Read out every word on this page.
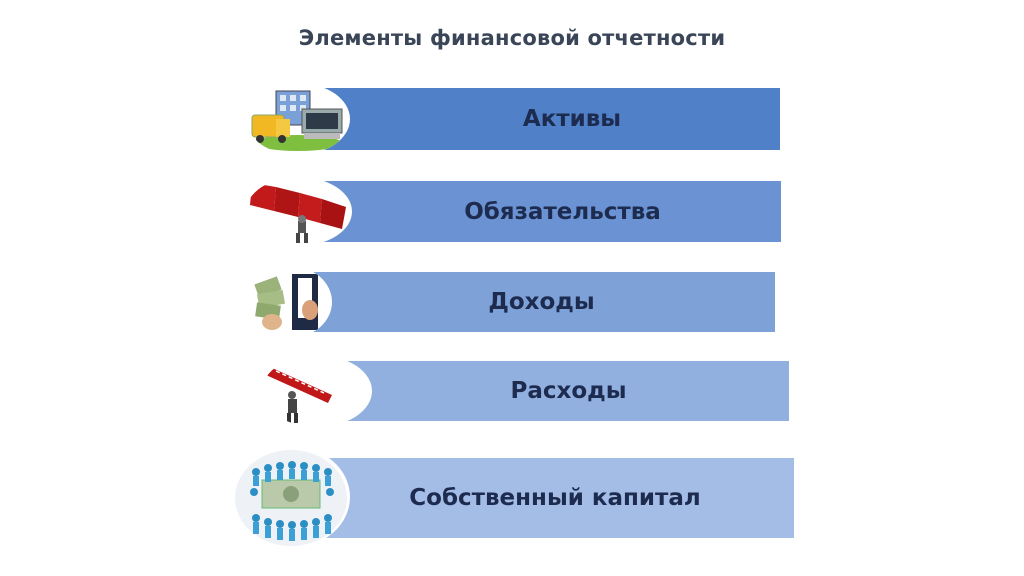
Элементы финансовой отчетности
Активы
Обязательства
Доходы
Расходы
Собственный капитал
